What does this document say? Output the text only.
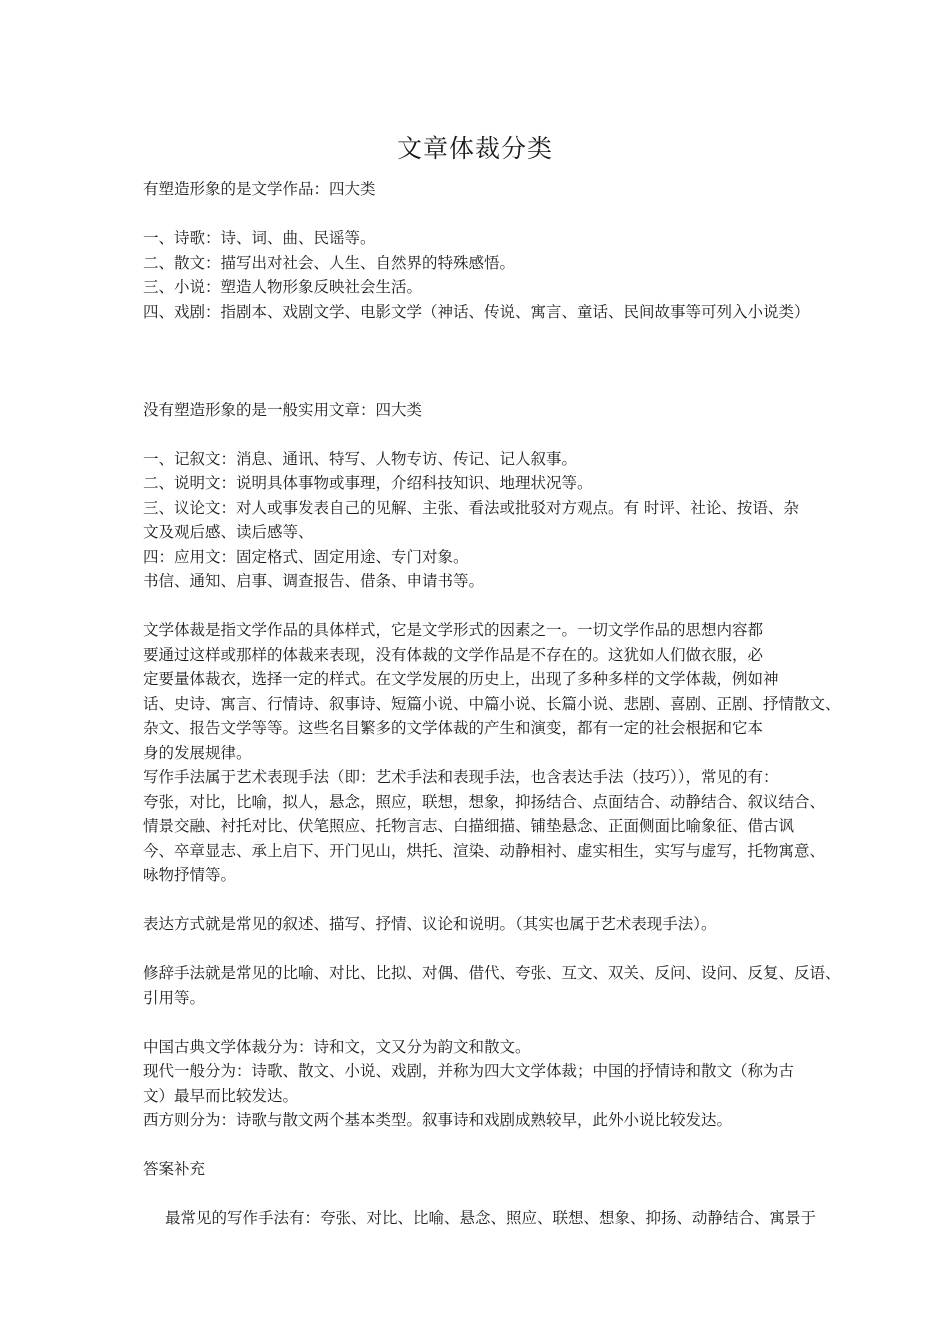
文章体裁分类
有塑造形象的是文学作品：四大类
一、诗歌：诗、词、曲、民谣等。
二、散文：描写出对社会、人生、自然界的特殊感悟。
三、小说：塑造人物形象反映社会生活。
四、戏剧：指剧本、戏剧文学、电影文学（神话、传说、寓言、童话、民间故事等可列入小说类）
没有塑造形象的是一般实用文章：四大类
一、记叙文：消息、通讯、特写、人物专访、传记、记人叙事。
二、说明文：说明具体事物或事理，介绍科技知识、地理状况等。
三、议论文：对人或事发表自己的见解、主张、看法或批驳对方观点。有 时评、社论、按语、杂
文及观后感、读后感等、
四：应用文：固定格式、固定用途、专门对象。
书信、通知、启事、调查报告、借条、申请书等。
文学体裁是指文学作品的具体样式，它是文学形式的因素之一。一切文学作品的思想内容都
要通过这样或那样的体裁来表现，没有体裁的文学作品是不存在的。这犹如人们做衣服，必
定要量体裁衣，选择一定的样式。在文学发展的历史上，出现了多种多样的文学体裁，例如神
话、史诗、寓言、行情诗、叙事诗、短篇小说、中篇小说、长篇小说、悲剧、喜剧、正剧、抒情散文、
杂文、报告文学等等。这些名目繁多的文学体裁的产生和演变，都有一定的社会根据和它本
身的发展规律。
写作手法属于艺术表现手法（即：艺术手法和表现手法，也含表达手法（技巧）），常见的有：
夸张，对比，比喻，拟人，悬念，照应，联想，想象，抑扬结合、点面结合、动静结合、叙议结合、
情景交融、衬托对比、伏笔照应、托物言志、白描细描、铺垫悬念、正面侧面比喻象征、借古讽
今、卒章显志、承上启下、开门见山，烘托、渲染、动静相衬、虚实相生，实写与虚写，托物寓意、
咏物抒情等。
表达方式就是常见的叙述、描写、抒情、议论和说明。（其实也属于艺术表现手法）。
修辞手法就是常见的比喻、对比、比拟、对偶、借代、夸张、互文、双关、反问、设问、反复、反语、
引用等。
中国古典文学体裁分为：诗和文，文又分为韵文和散文。
现代一般分为：诗歌、散文、小说、戏剧，并称为四大文学体裁；中国的抒情诗和散文（称为古
文）最早而比较发达。
西方则分为：诗歌与散文两个基本类型。叙事诗和戏剧成熟较早，此外小说比较发达。
答案补充
最常见的写作手法有：夸张、对比、比喻、悬念、照应、联想、想象、抑扬、动静结合、寓景于
